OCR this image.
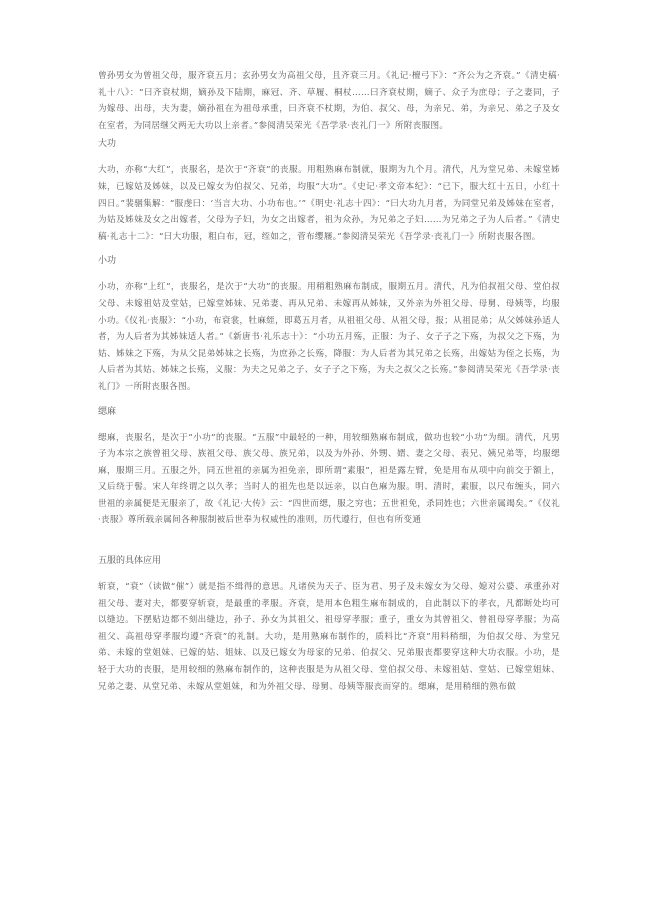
曾孙男女为曾祖父母，服齐衰五月；玄孙男女为高祖父母，且齐衰三月。《礼记·檀弓下》：“齐公为之齐衰。”《清史稿·礼十八》：“曰齐衰杖期，嫡孙及下陆期，麻冠、齐、草履、桐杖……曰齐衰杖期，嫡子、众子为庶母；子之妻同，子为嫁母、出母，夫为妻，嫡孙祖在为祖母承重，曰齐衰不杖期，为伯、叔父、母，为亲兄、弟，为亲兄、弟之子及女在室者，为同居继父两无大功以上亲者。”参阅清吴荣光《吾学录·丧礼门一》所附丧服图。

大功

大功，亦称“大红”，丧服名，是次于“齐衰”的丧服。用粗熟麻布制就，服期为九个月。清代，凡为堂兄弟、未嫁堂姊妹，已嫁姑及姊妹，以及已嫁女为伯叔父、兄弟，均服“大功”。《史记·孝文帝本纪》：“已下，服大红十五日，小红十四日。”裴骃集解：“服虔曰：‘当言大功、小功布也。’”《明史·礼志十四》：“曰大功九月者，为同堂兄弟及姊妹在室者，为姑及姊妹及女之出嫁者，父母为子妇，为女之出嫁者，祖为众孙，为兄弟之子妇……为兄弟之子为人后者。”《清史稿·礼志十二》：“曰大功服，粗白布，冠，绖如之，菅布缨屦。”参阅清吴荣光《吾学录·丧礼门一》所附丧服各图。

小功

小功，亦称“上红”，丧服名，是次于“大功”的丧服。用稍粗熟麻布制成，服期五月。清代，凡为伯叔祖父母、堂伯叔父母、未嫁祖姑及堂姑，已嫁堂姊妹、兄弟妻、再从兄弟、未嫁再从姊妹，又外亲为外祖父母、母舅、母姨等，均服小功。《仪礼·丧服》：“小功，布衰裳，牡麻絰，即葛五月者，从祖祖父母、从祖父母，报；从祖昆弟；从父姊妹孙适人者，为人后者为其姊妹适人者。”《新唐书·礼乐志十》：“小功五月殇，正服：为子、女子子之下殇，为叔父之下殇，为姑、姊妹之下殇，为从父昆弟姊妹之长殇，为庶孙之长殇，降服：为人后者为其兄弟之长殇，出嫁姑为侄之长殇，为人后者为其姑、姊妹之长殇，义服：为夫之兄弟之子、女子子之下殇，为夫之叔父之长殇。”参阅清吴荣光《吾学录·丧礼门》一所附丧服各图。

缌麻

缌麻，丧服名，是次于“小功”的丧服。“五服”中最轻的一种，用较细熟麻布制成，做功也较“小功”为细。清代，凡男子为本宗之族曾祖父母、族祖父母、族父母、族兄弟，以及为外孙、外甥、婿、妻之父母、表兄、姨兄弟等，均服缌麻，服期三月。五服之外，同五世祖的亲属为袒免亲，即所谓“素服”，袒是露左臂，免是用布从项中向前交于额上，又后绕于髻。宋人年终谓之以久孝；当时人的祖先也是以远亲，以白色麻为服。明、清时，素服，以尺布缠头，同六世祖的亲属便是无服亲了，故《礼记·大传》云：“四世而缌，服之穷也；五世袒免，杀同姓也；六世亲属竭矣。”《仪礼·丧服》尊所载亲属间各种服制被后世奉为权威性的准则，历代遵行，但也有所变通

五服的具体应用

斩衰，“衰”（读做“催”）就是指不缉得的意思。凡诸侯为天子、臣为君、男子及未嫁女为父母、媳对公婆、承重孙对祖父母、妻对夫，都要穿斩衰，是最重的孝服。齐衰，是用本色粗生麻布制成的，自此制以下的孝衣，凡都断处均可以缝边。下摆贴边都不刻出缝边，孙子、孙女为其祖父、祖母穿孝服；重子，重女为其曾祖父、曾祖母穿孝服；为高祖父、高祖母穿孝服均遵“齐衰”的礼制。大功，是用熟麻布制作的，质料比“齐衰”用料稍细，为伯叔父母、为堂兄弟、未嫁的堂姐妹、已嫁的姑、姐妹、以及已嫁女为母家的兄弟、伯叔父、兄弟服丧都要穿这种大功衣服。小功，是轻于大功的丧服，是用较细的熟麻布制作的，这种丧服是为从祖父母、堂伯叔父母、未嫁祖姑、堂姑、已嫁堂姐妹、兄弟之妻、从堂兄弟、未嫁从堂姐妹，和为外祖父母、母舅、母姨等服丧而穿的。缌麻，是用稍细的熟布做
